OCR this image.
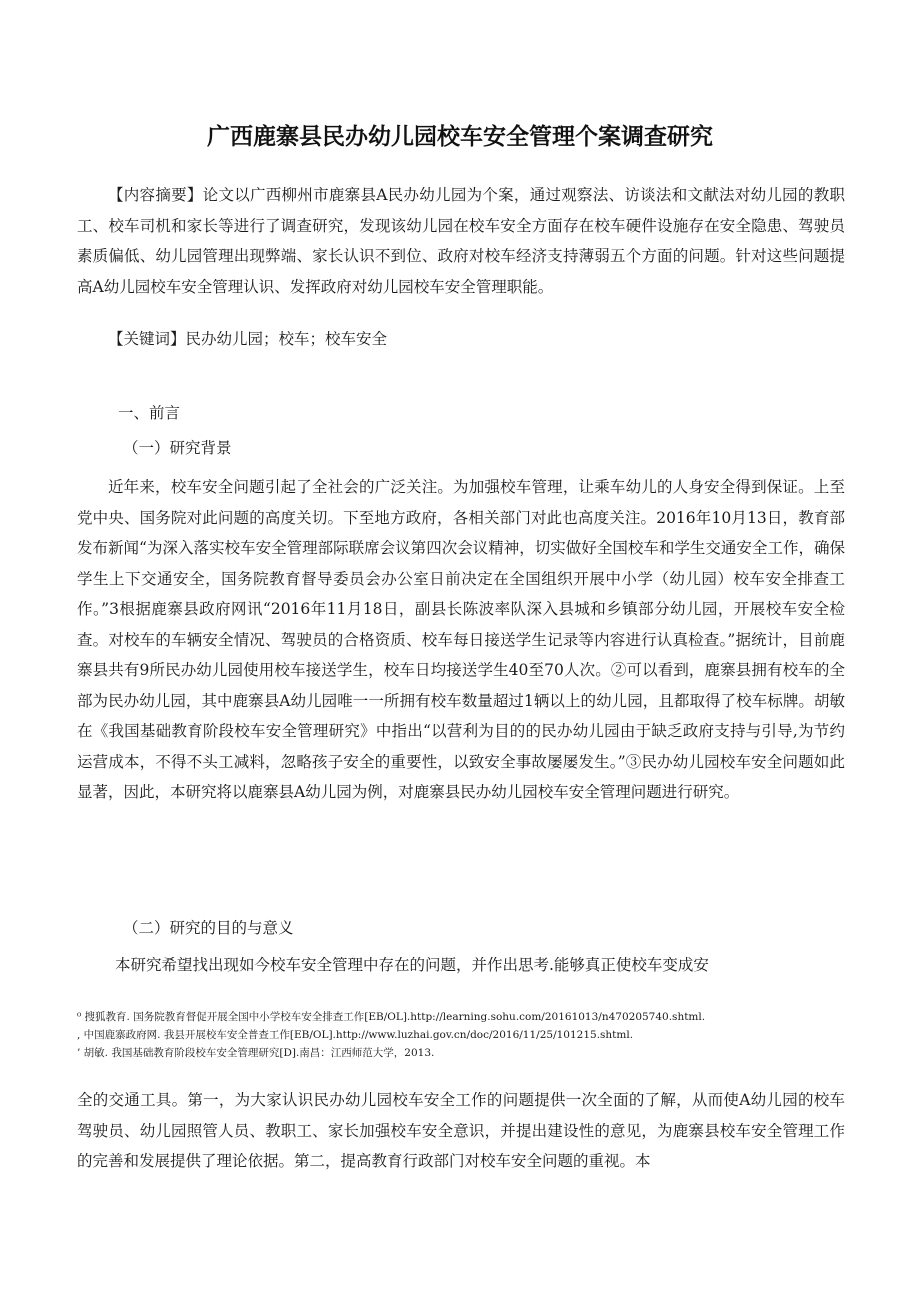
广西鹿寨县民办幼儿园校车安全管理个案调查研究

【内容摘要】论文以广西柳州市鹿寨县A民办幼儿园为个案，通过观察法、访谈法和文献法对幼儿园的教职工、校车司机和家长等进行了调查研究，发现该幼儿园在校车安全方面存在校车硬件设施存在安全隐患、驾驶员素质偏低、幼儿园管理出现弊端、家长认识不到位、政府对校车经济支持薄弱五个方面的问题。针对这些问题提高A幼儿园校车安全管理认识、发挥政府对幼儿园校车安全管理职能。

【关键词】民办幼儿园；校车；校车安全

一、前言

（一）研究背景

近年来，校车安全问题引起了全社会的广泛关注。为加强校车管理，让乘车幼儿的人身安全得到保证。上至党中央、国务院对此问题的高度关切。下至地方政府，各相关部门对此也高度关注。2016年10月13日，教育部发布新闻“为深入落实校车安全管理部际联席会议第四次会议精神，切实做好全国校车和学生交通安全工作，确保学生上下交通安全，国务院教育督导委员会办公室日前决定在全国组织开展中小学（幼儿园）校车安全排查工作。”3根据鹿寨县政府网讯“2016年11月18日，副县长陈波率队深入县城和乡镇部分幼儿园，开展校车安全检查。对校车的车辆安全情况、驾驶员的合格资质、校车每日接送学生记录等内容进行认真检查。”据统计，目前鹿寨县共有9所民办幼儿园使用校车接送学生，校车日均接送学生40至70人次。②可以看到，鹿寨县拥有校车的全部为民办幼儿园，其中鹿寨县A幼儿园唯一一所拥有校车数量超过1辆以上的幼儿园，且都取得了校车标牌。胡敏在《我国基础教育阶段校车安全管理研究》中指出“以营利为目的的民办幼儿园由于缺乏政府支持与引导,为节约运营成本，不得不头工减料，忽略孩子安全的重要性，以致安全事故屡屡发生。”③民办幼儿园校车安全问题如此显著，因此，本研究将以鹿寨县A幼儿园为例，对鹿寨县民办幼儿园校车安全管理问题进行研究。

（二）研究的目的与意义

本研究希望找出现如今校车安全管理中存在的问题，并作出思考.能够真正使校车变成安

⁰ 搜狐教育. 国务院教育督促开展全国中小学校车安全排查工作[EB/OL].http://learning.sohu.com/20161013/n470205740.shtml.
, 中国鹿寨政府网. 我县开展校车安全普查工作[EB/OL].http://www.luzhai.gov.cn/doc/2016/11/25/101215.shtml.
’ 胡敏. 我国基础教育阶段校车安全管理研究[D].南昌：江西师范大学，2013.

全的交通工具。第一，为大家认识民办幼儿园校车安全工作的问题提供一次全面的了解，从而使A幼儿园的校车驾驶员、幼儿园照管人员、教职工、家长加强校车安全意识，并提出建设性的意见，为鹿寨县校车安全管理工作的完善和发展提供了理论依据。第二，提高教育行政部门对校车安全问题的重视。本
